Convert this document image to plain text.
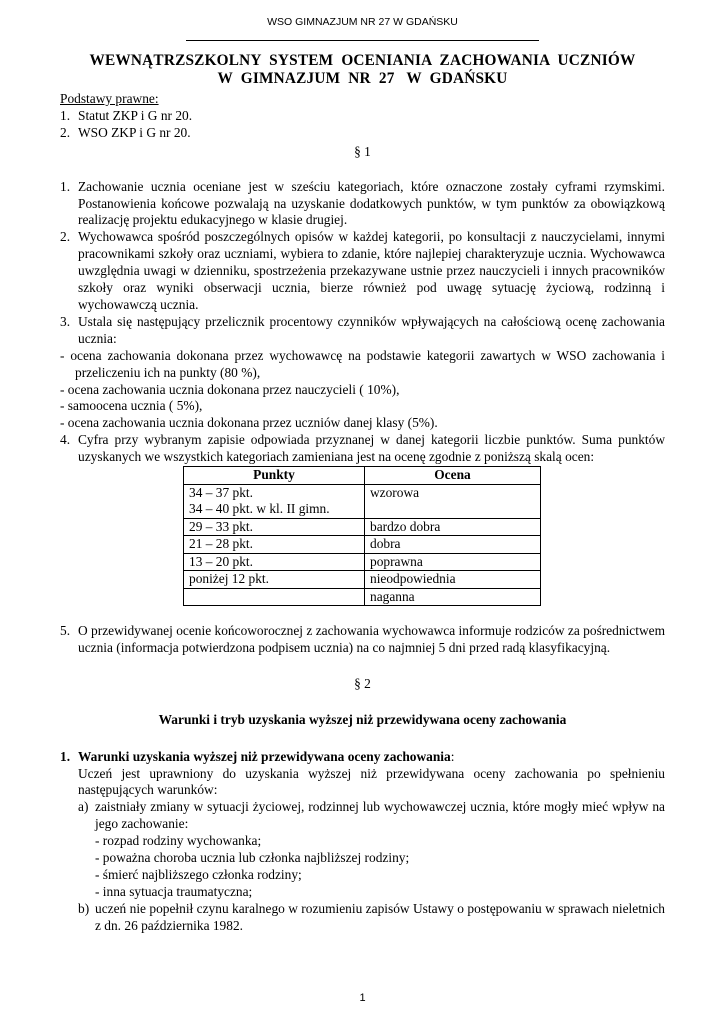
WSO GIMNAZJUM NR 27 W GDAŃSKU
WEWNĄTRZSZKOLNY  SYSTEM  OCENIANIA  ZACHOWANIA  UCZNIÓW
W  GIMNAZJUM  NR  27   W  GDAŃSKU
Podstawy prawne:
1. Statut ZKP i G nr 20.
2. WSO ZKP i G nr 20.
§ 1
1. Zachowanie ucznia oceniane jest w sześciu kategoriach, które oznaczone zostały cyframi rzymskimi. Postanowienia końcowe pozwalają na uzyskanie dodatkowych punktów, w tym punktów za obowiązkową realizację projektu edukacyjnego w klasie drugiej.
2. Wychowawca spośród poszczególnych opisów w każdej kategorii, po konsultacji z nauczycielami, innymi pracownikami szkoły oraz uczniami, wybiera to zdanie, które najlepiej charakteryzuje ucznia. Wychowawca uwzględnia uwagi w dzienniku, spostrzeżenia przekazywane ustnie przez nauczycieli i innych pracowników szkoły oraz wyniki obserwacji ucznia, bierze również pod uwagę sytuację życiową, rodzinną i wychowawczą ucznia.
3. Ustala się następujący przelicznik procentowy czynników wpływających na całościową ocenę zachowania ucznia:
- ocena zachowania dokonana przez wychowawcę na podstawie kategorii zawartych w WSO zachowania i przeliczeniu ich na punkty (80 %),
- ocena zachowania ucznia dokonana przez nauczycieli ( 10%),
- samoocena ucznia ( 5%),
- ocena zachowania ucznia dokonana przez uczniów danej klasy (5%).
4. Cyfra przy wybranym zapisie odpowiada przyznanej w danej kategorii liczbie punktów. Suma punktów uzyskanych we wszystkich kategoriach zamieniana jest na ocenę zgodnie z poniższą skalą ocen:
Punkty	Ocena

34 – 37 pkt.
34 – 40 pkt. w kl. II gimn.	wzorowa
29 – 33 pkt.	bardzo dobra
21 – 28 pkt.	dobra
13 – 20 pkt.	poprawna
poniżej 12 pkt.	nieodpowiednia
	naganna
5. O przewidywanej ocenie końcoworocznej z zachowania wychowawca informuje rodziców za pośrednictwem ucznia (informacja potwierdzona podpisem ucznia) na co najmniej 5 dni przed radą klasyfikacyjną.
§ 2
Warunki i tryb uzyskania wyższej niż przewidywana oceny zachowania
1. Warunki uzyskania wyższej niż przewidywana oceny zachowania:
Uczeń jest uprawniony do uzyskania wyższej niż przewidywana oceny zachowania po spełnieniu następujących warunków:
a) zaistniały zmiany w sytuacji życiowej, rodzinnej lub wychowawczej ucznia, które mogły mieć wpływ na jego zachowanie:
- rozpad rodziny wychowanka;
- poważna choroba ucznia lub członka najbliższej rodziny;
- śmierć najbliższego członka rodziny;
- inna sytuacja traumatyczna;
b) uczeń nie popełnił czynu karalnego w rozumieniu zapisów Ustawy o postępowaniu w sprawach nieletnich z dn. 26 października 1982.
1
